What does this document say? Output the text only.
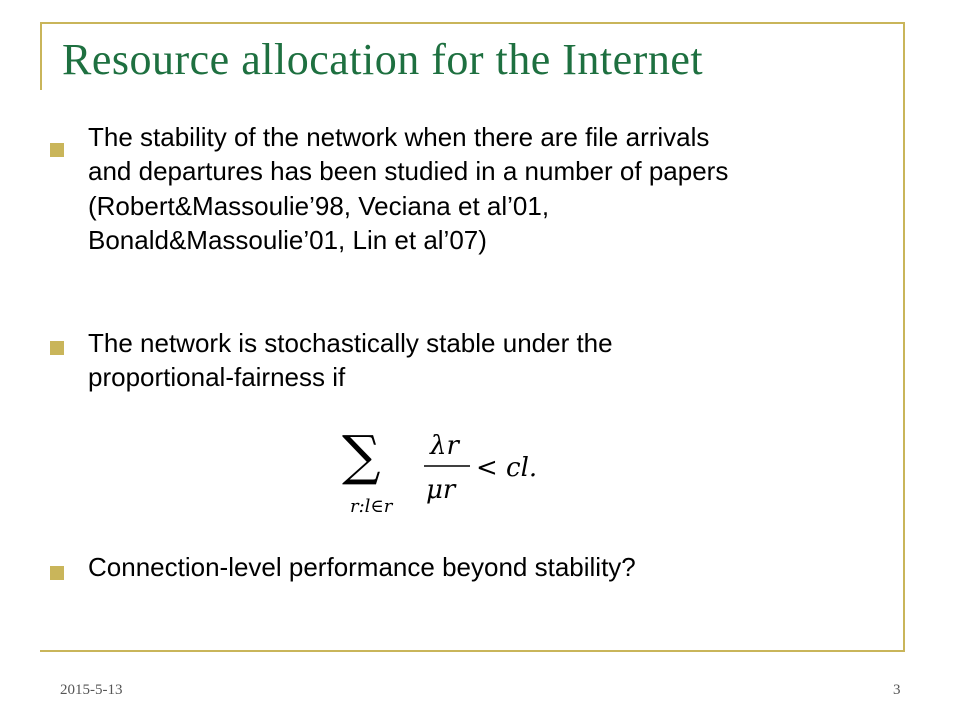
Resource allocation for the Internet
The stability of the network when there are file arrivals
and departures has been studied in a number of papers
(Robert&Massoulie’98, Veciana et al’01,
Bonald&Massoulie’01, Lin et al’07)
The network is stochastically stable under the
proportional-fairness if
∑
r:l∈r
λr
μr
< cl.
Connection-level performance beyond stability?
2015-5-13	3
